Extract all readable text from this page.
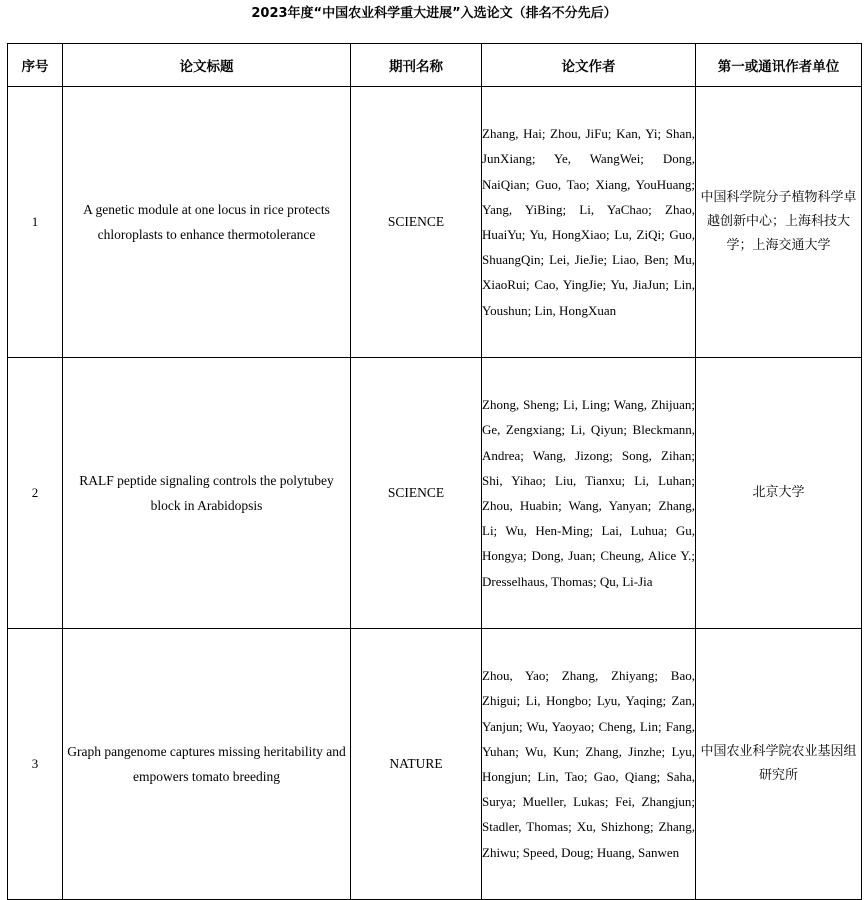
2023年度“中国农业科学重大进展”入选论文（排名不分先后）
序号	论文标题	期刊名称	论文作者	第一或通讯作者单位
1	A genetic module at one locus in rice protects chloroplasts to enhance thermotolerance	SCIENCE	Zhang, Hai; Zhou, JiFu; Kan, Yi; Shan, JunXiang; Ye, WangWei; Dong, NaiQian; Guo, Tao; Xiang, YouHuang; Yang, YiBing; Li, YaChao; Zhao, HuaiYu; Yu, HongXiao; Lu, ZiQi; Guo, ShuangQin; Lei, JieJie; Liao, Ben; Mu, XiaoRui; Cao, YingJie; Yu, JiaJun; Lin, Youshun; Lin, HongXuan	中国科学院分子植物科学卓越创新中心；上海科技大学；上海交通大学
2	RALF peptide signaling controls the polytubey block in Arabidopsis	SCIENCE	Zhong, Sheng; Li, Ling; Wang, Zhijuan; Ge, Zengxiang; Li, Qiyun; Bleckmann, Andrea; Wang, Jizong; Song, Zihan; Shi, Yihao; Liu, Tianxu; Li, Luhan; Zhou, Huabin; Wang, Yanyan; Zhang, Li; Wu, Hen-Ming; Lai, Luhua; Gu, Hongya; Dong, Juan; Cheung, Alice Y.; Dresselhaus, Thomas; Qu, Li-Jia	北京大学
3	Graph pangenome captures missing heritability and empowers tomato breeding	NATURE	Zhou, Yao; Zhang, Zhiyang; Bao, Zhigui; Li, Hongbo; Lyu, Yaqing; Zan, Yanjun; Wu, Yaoyao; Cheng, Lin; Fang, Yuhan; Wu, Kun; Zhang, Jinzhe; Lyu, Hongjun; Lin, Tao; Gao, Qiang; Saha, Surya; Mueller, Lukas; Fei, Zhangjun; Stadler, Thomas; Xu, Shizhong; Zhang, Zhiwu; Speed, Doug; Huang, Sanwen	中国农业科学院农业基因组研究所
